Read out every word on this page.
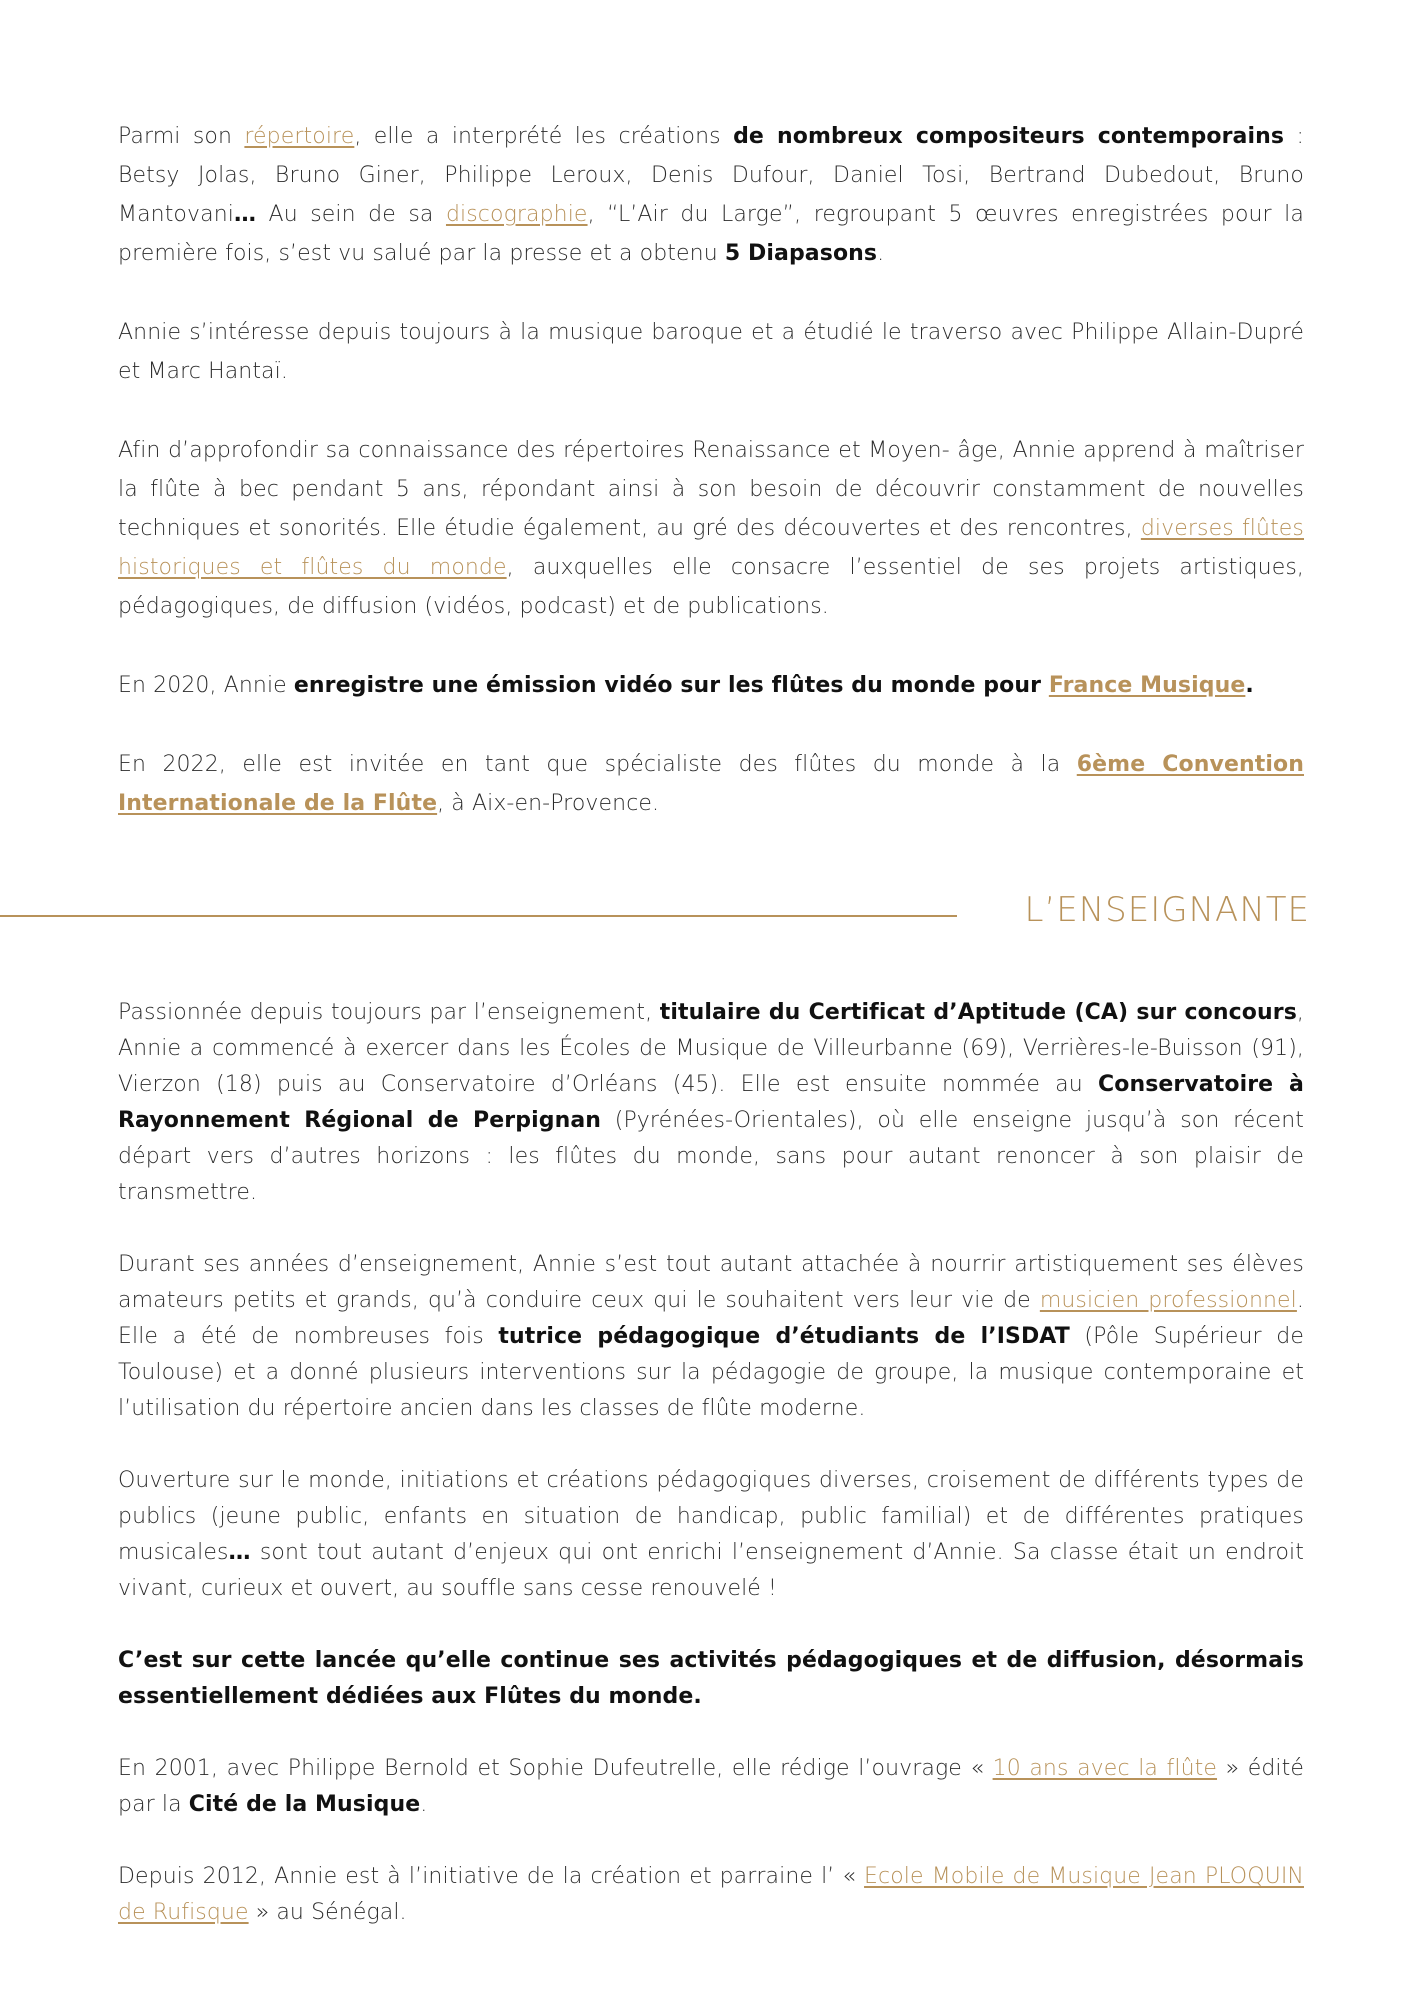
Parmi son répertoire, elle a interprété les créations de nombreux compositeurs contemporains : Betsy Jolas, Bruno Giner, Philippe Leroux, Denis Dufour, Daniel Tosi, Bertrand Dubedout, Bruno Mantovani… Au sein de sa discographie, “L’Air du Large”, regroupant 5 œuvres enregistrées pour la première fois, s’est vu salué par la presse et a obtenu 5 Diapasons.

Annie s’intéresse depuis toujours à la musique baroque et a étudié le traverso avec Philippe Allain-Dupré et Marc Hantaï.

Afin d’approfondir sa connaissance des répertoires Renaissance et Moyen- âge, Annie apprend à maîtriser la flûte à bec pendant 5 ans, répondant ainsi à son besoin de découvrir constamment de nouvelles techniques et sonorités. Elle étudie également, au gré des découvertes et des rencontres, diverses flûtes historiques et flûtes du monde, auxquelles elle consacre l’essentiel de ses projets artistiques, pédagogiques, de diffusion (vidéos, podcast) et de publications.

En 2020, Annie enregistre une émission vidéo sur les flûtes du monde pour France Musique.

En 2022, elle est invitée en tant que spécialiste des flûtes du monde à la 6ème Convention Internationale de la Flûte, à Aix-en-Provence.

L’ENSEIGNANTE

Passionnée depuis toujours par l’enseignement, titulaire du Certificat d’Aptitude (CA) sur concours, Annie a commencé à exercer dans les Écoles de Musique de Villeurbanne (69), Verrières-le-Buisson (91), Vierzon (18) puis au Conservatoire d’Orléans (45). Elle est ensuite nommée au Conservatoire à Rayonnement Régional de Perpignan (Pyrénées-Orientales), où elle enseigne jusqu’à son récent départ vers d’autres horizons : les flûtes du monde, sans pour autant renoncer à son plaisir de transmettre.

Durant ses années d’enseignement, Annie s’est tout autant attachée à nourrir artistiquement ses élèves amateurs petits et grands, qu’à conduire ceux qui le souhaitent vers leur vie de musicien professionnel. Elle a été de nombreuses fois tutrice pédagogique d’étudiants de l’ISDAT (Pôle Supérieur de Toulouse) et a donné plusieurs interventions sur la pédagogie de groupe, la musique contemporaine et l’utilisation du répertoire ancien dans les classes de flûte moderne.

Ouverture sur le monde, initiations et créations pédagogiques diverses, croisement de différents types de publics (jeune public, enfants en situation de handicap, public familial) et de différentes pratiques musicales… sont tout autant d’enjeux qui ont enrichi l’enseignement d’Annie. Sa classe était un endroit vivant, curieux et ouvert, au souffle sans cesse renouvelé !

C’est sur cette lancée qu’elle continue ses activités pédagogiques et de diffusion, désormais essentiellement dédiées aux Flûtes du monde.

En 2001, avec Philippe Bernold et Sophie Dufeutrelle, elle rédige l’ouvrage « 10 ans avec la flûte » édité par la Cité de la Musique.

Depuis 2012, Annie est à l’initiative de la création et parraine l’ « Ecole Mobile de Musique Jean PLOQUIN de Rufisque » au Sénégal.
